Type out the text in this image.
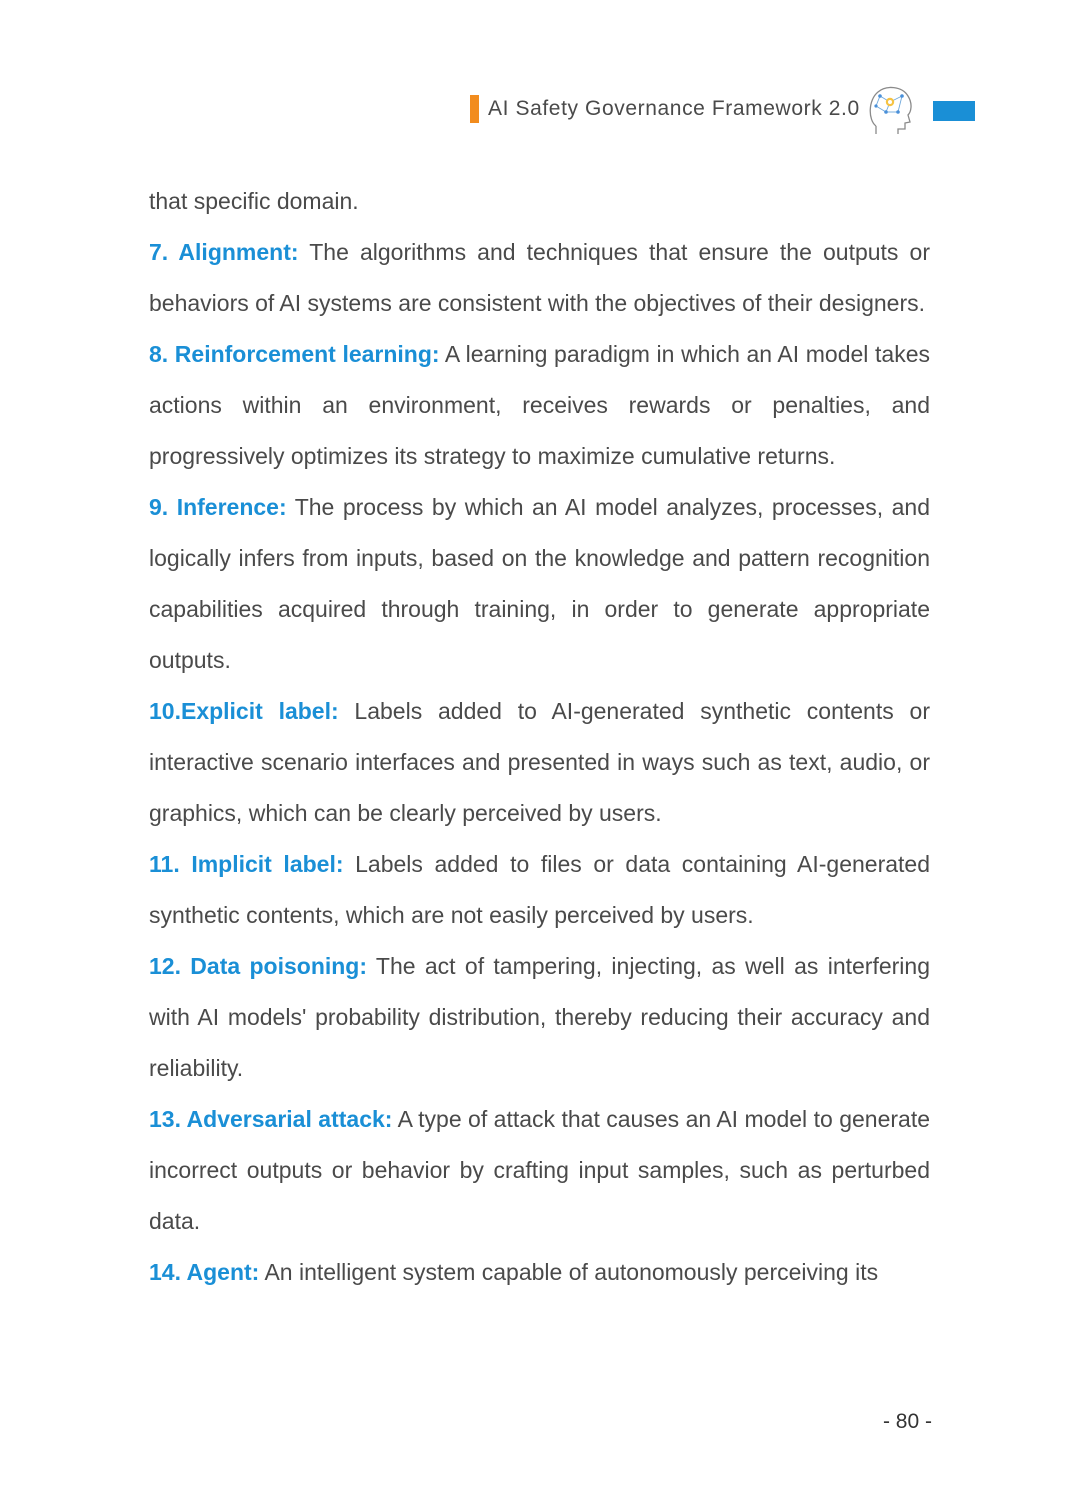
AI Safety Governance Framework 2.0

that specific domain.

7. Alignment: The algorithms and techniques that ensure the outputs or behaviors of AI systems are consistent with the objectives of their designers.

8. Reinforcement learning: A learning paradigm in which an AI model takes actions within an environment, receives rewards or penalties, and progressively optimizes its strategy to maximize cumulative returns.

9. Inference: The process by which an AI model analyzes, processes, and logically infers from inputs, based on the knowledge and pattern recognition capabilities acquired through training, in order to generate appropriate outputs.

10.Explicit label: Labels added to AI-generated synthetic contents or interactive scenario interfaces and presented in ways such as text, audio, or graphics, which can be clearly perceived by users.

11. Implicit label: Labels added to files or data containing AI-generated synthetic contents, which are not easily perceived by users.

12. Data poisoning: The act of tampering, injecting, as well as interfering with AI models' probability distribution, thereby reducing their accuracy and reliability.

13. Adversarial attack: A type of attack that causes an AI model to generate incorrect outputs or behavior by crafting input samples, such as perturbed data.

14. Agent: An intelligent system capable of autonomously perceiving its

- 80 -
